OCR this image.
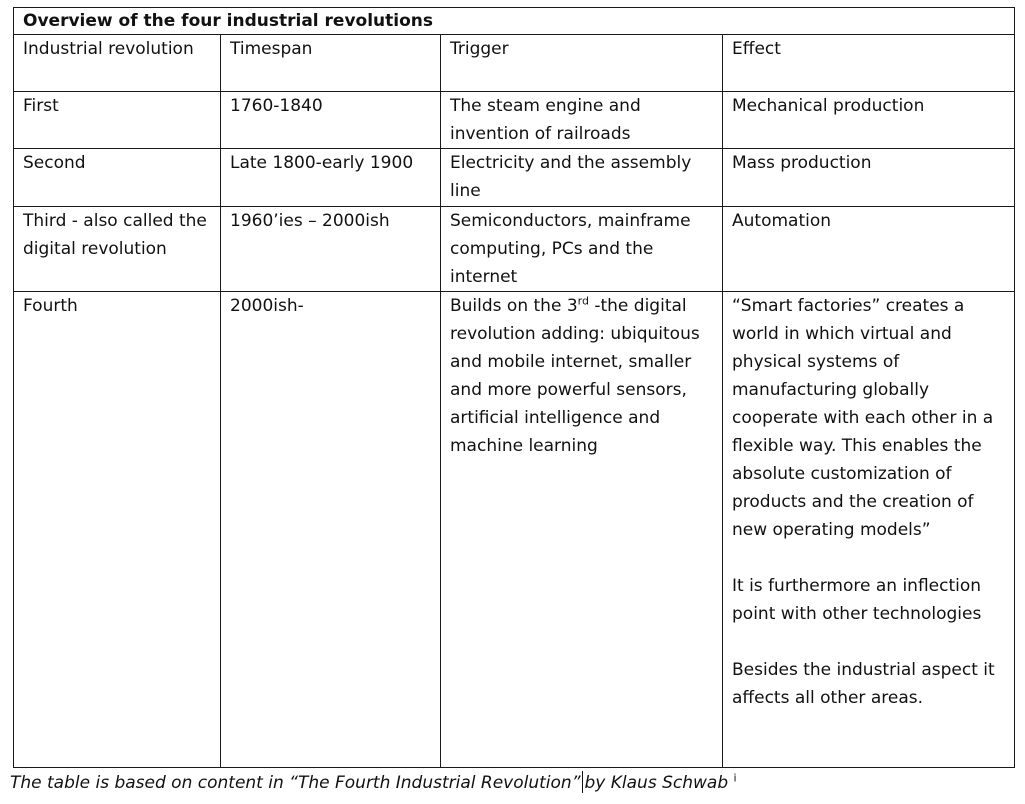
Overview of the four industrial revolutions			
Industrial revolution	Timespan	Trigger	Effect
First	1760-1840	The steam engine and invention of railroads	Mechanical production

Second	Late 1800-early 1900	Electricity and the assembly line	Mass production

Third - also called the digital revolution	1960’ies – 2000ish	Semiconductors, mainframe computing, PCs and the internet	Automation

Fourth	2000ish-	Builds on the 3rd -the digital revolution adding: ubiquitous and mobile internet, smaller and more powerful sensors, artificial intelligence and machine learning	“Smart factories” creates a world in which virtual and physical systems of manufacturing globally cooperate with each other in a flexible way. This enables the absolute customization of products and the creation of new operating models”
It is furthermore an inflection point with other technologies
Besides the industrial aspect it affects all other areas.
The table is based on content in “The Fourth Industrial Revolution” by Klaus Schwab $^i$
